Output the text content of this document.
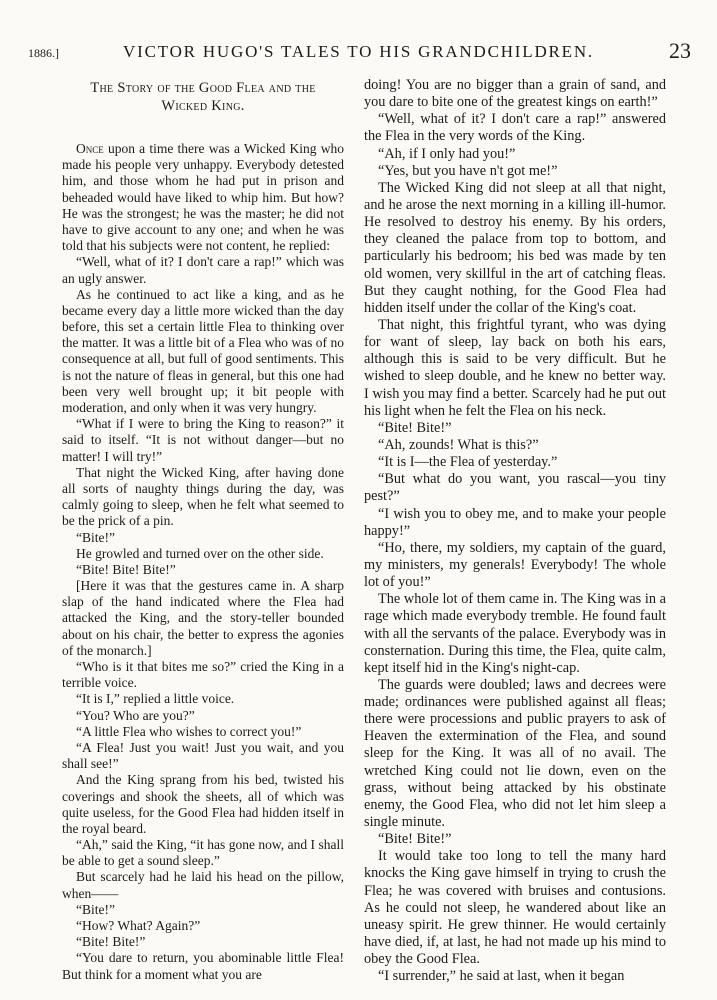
1886.]	VICTOR HUGO'S TALES TO HIS GRANDCHILDREN.	23
The Story of the Good Flea and the
Wicked King.

Once upon a time there was a Wicked King who made his people very unhappy. Everybody detested him, and those whom he had put in prison and beheaded would have liked to whip him. But how? He was the strongest; he was the master; he did not have to give account to any one; and when he was told that his subjects were not content, he replied:

“Well, what of it? I don't care a rap!” which was an ugly answer.

As he continued to act like a king, and as he became every day a little more wicked than the day before, this set a certain little Flea to thinking over the matter. It was a little bit of a Flea who was of no consequence at all, but full of good sentiments. This is not the nature of fleas in general, but this one had been very well brought up; it bit people with moderation, and only when it was very hungry.

“What if I were to bring the King to reason?” it said to itself. “It is not without danger—but no matter! I will try!”

That night the Wicked King, after having done all sorts of naughty things during the day, was calmly going to sleep, when he felt what seemed to be the prick of a pin.

“Bite!”

He growled and turned over on the other side.

“Bite! Bite! Bite!”

[Here it was that the gestures came in. A sharp slap of the hand indicated where the Flea had attacked the King, and the story-teller bounded about on his chair, the better to express the agonies of the monarch.]

“Who is it that bites me so?” cried the King in a terrible voice.

“It is I,” replied a little voice.

“You? Who are you?”

“A little Flea who wishes to correct you!”

“A Flea! Just you wait! Just you wait, and you shall see!”

And the King sprang from his bed, twisted his coverings and shook the sheets, all of which was quite useless, for the Good Flea had hidden itself in the royal beard.

“Ah,” said the King, “it has gone now, and I shall be able to get a sound sleep.”

But scarcely had he laid his head on the pillow, when——

“Bite!”

“How? What? Again?”

“Bite! Bite!”

“You dare to return, you abominable little Flea! But think for a moment what you are

doing! You are no bigger than a grain of sand, and you dare to bite one of the greatest kings on earth!”

“Well, what of it? I don't care a rap!” answered the Flea in the very words of the King.

“Ah, if I only had you!”

“Yes, but you have n't got me!”

The Wicked King did not sleep at all that night, and he arose the next morning in a killing ill-humor. He resolved to destroy his enemy. By his orders, they cleaned the palace from top to bottom, and particularly his bedroom; his bed was made by ten old women, very skillful in the art of catching fleas. But they caught nothing, for the Good Flea had hidden itself under the collar of the King's coat.

That night, this frightful tyrant, who was dying for want of sleep, lay back on both his ears, although this is said to be very difficult. But he wished to sleep double, and he knew no better way. I wish you may find a better. Scarcely had he put out his light when he felt the Flea on his neck.

“Bite! Bite!”

“Ah, zounds! What is this?”

“It is I—the Flea of yesterday.”

“But what do you want, you rascal—you tiny pest?”

“I wish you to obey me, and to make your people happy!”

“Ho, there, my soldiers, my captain of the guard, my ministers, my generals! Everybody! The whole lot of you!”

The whole lot of them came in. The King was in a rage which made everybody tremble. He found fault with all the servants of the palace. Everybody was in consternation. During this time, the Flea, quite calm, kept itself hid in the King's night-cap.

The guards were doubled; laws and decrees were made; ordinances were published against all fleas; there were processions and public prayers to ask of Heaven the extermination of the Flea, and sound sleep for the King. It was all of no avail. The wretched King could not lie down, even on the grass, without being attacked by his obstinate enemy, the Good Flea, who did not let him sleep a single minute.

“Bite! Bite!”

It would take too long to tell the many hard knocks the King gave himself in trying to crush the Flea; he was covered with bruises and contusions. As he could not sleep, he wandered about like an uneasy spirit. He grew thinner. He would certainly have died, if, at last, he had not made up his mind to obey the Good Flea.

“I surrender,” he said at last, when it began
